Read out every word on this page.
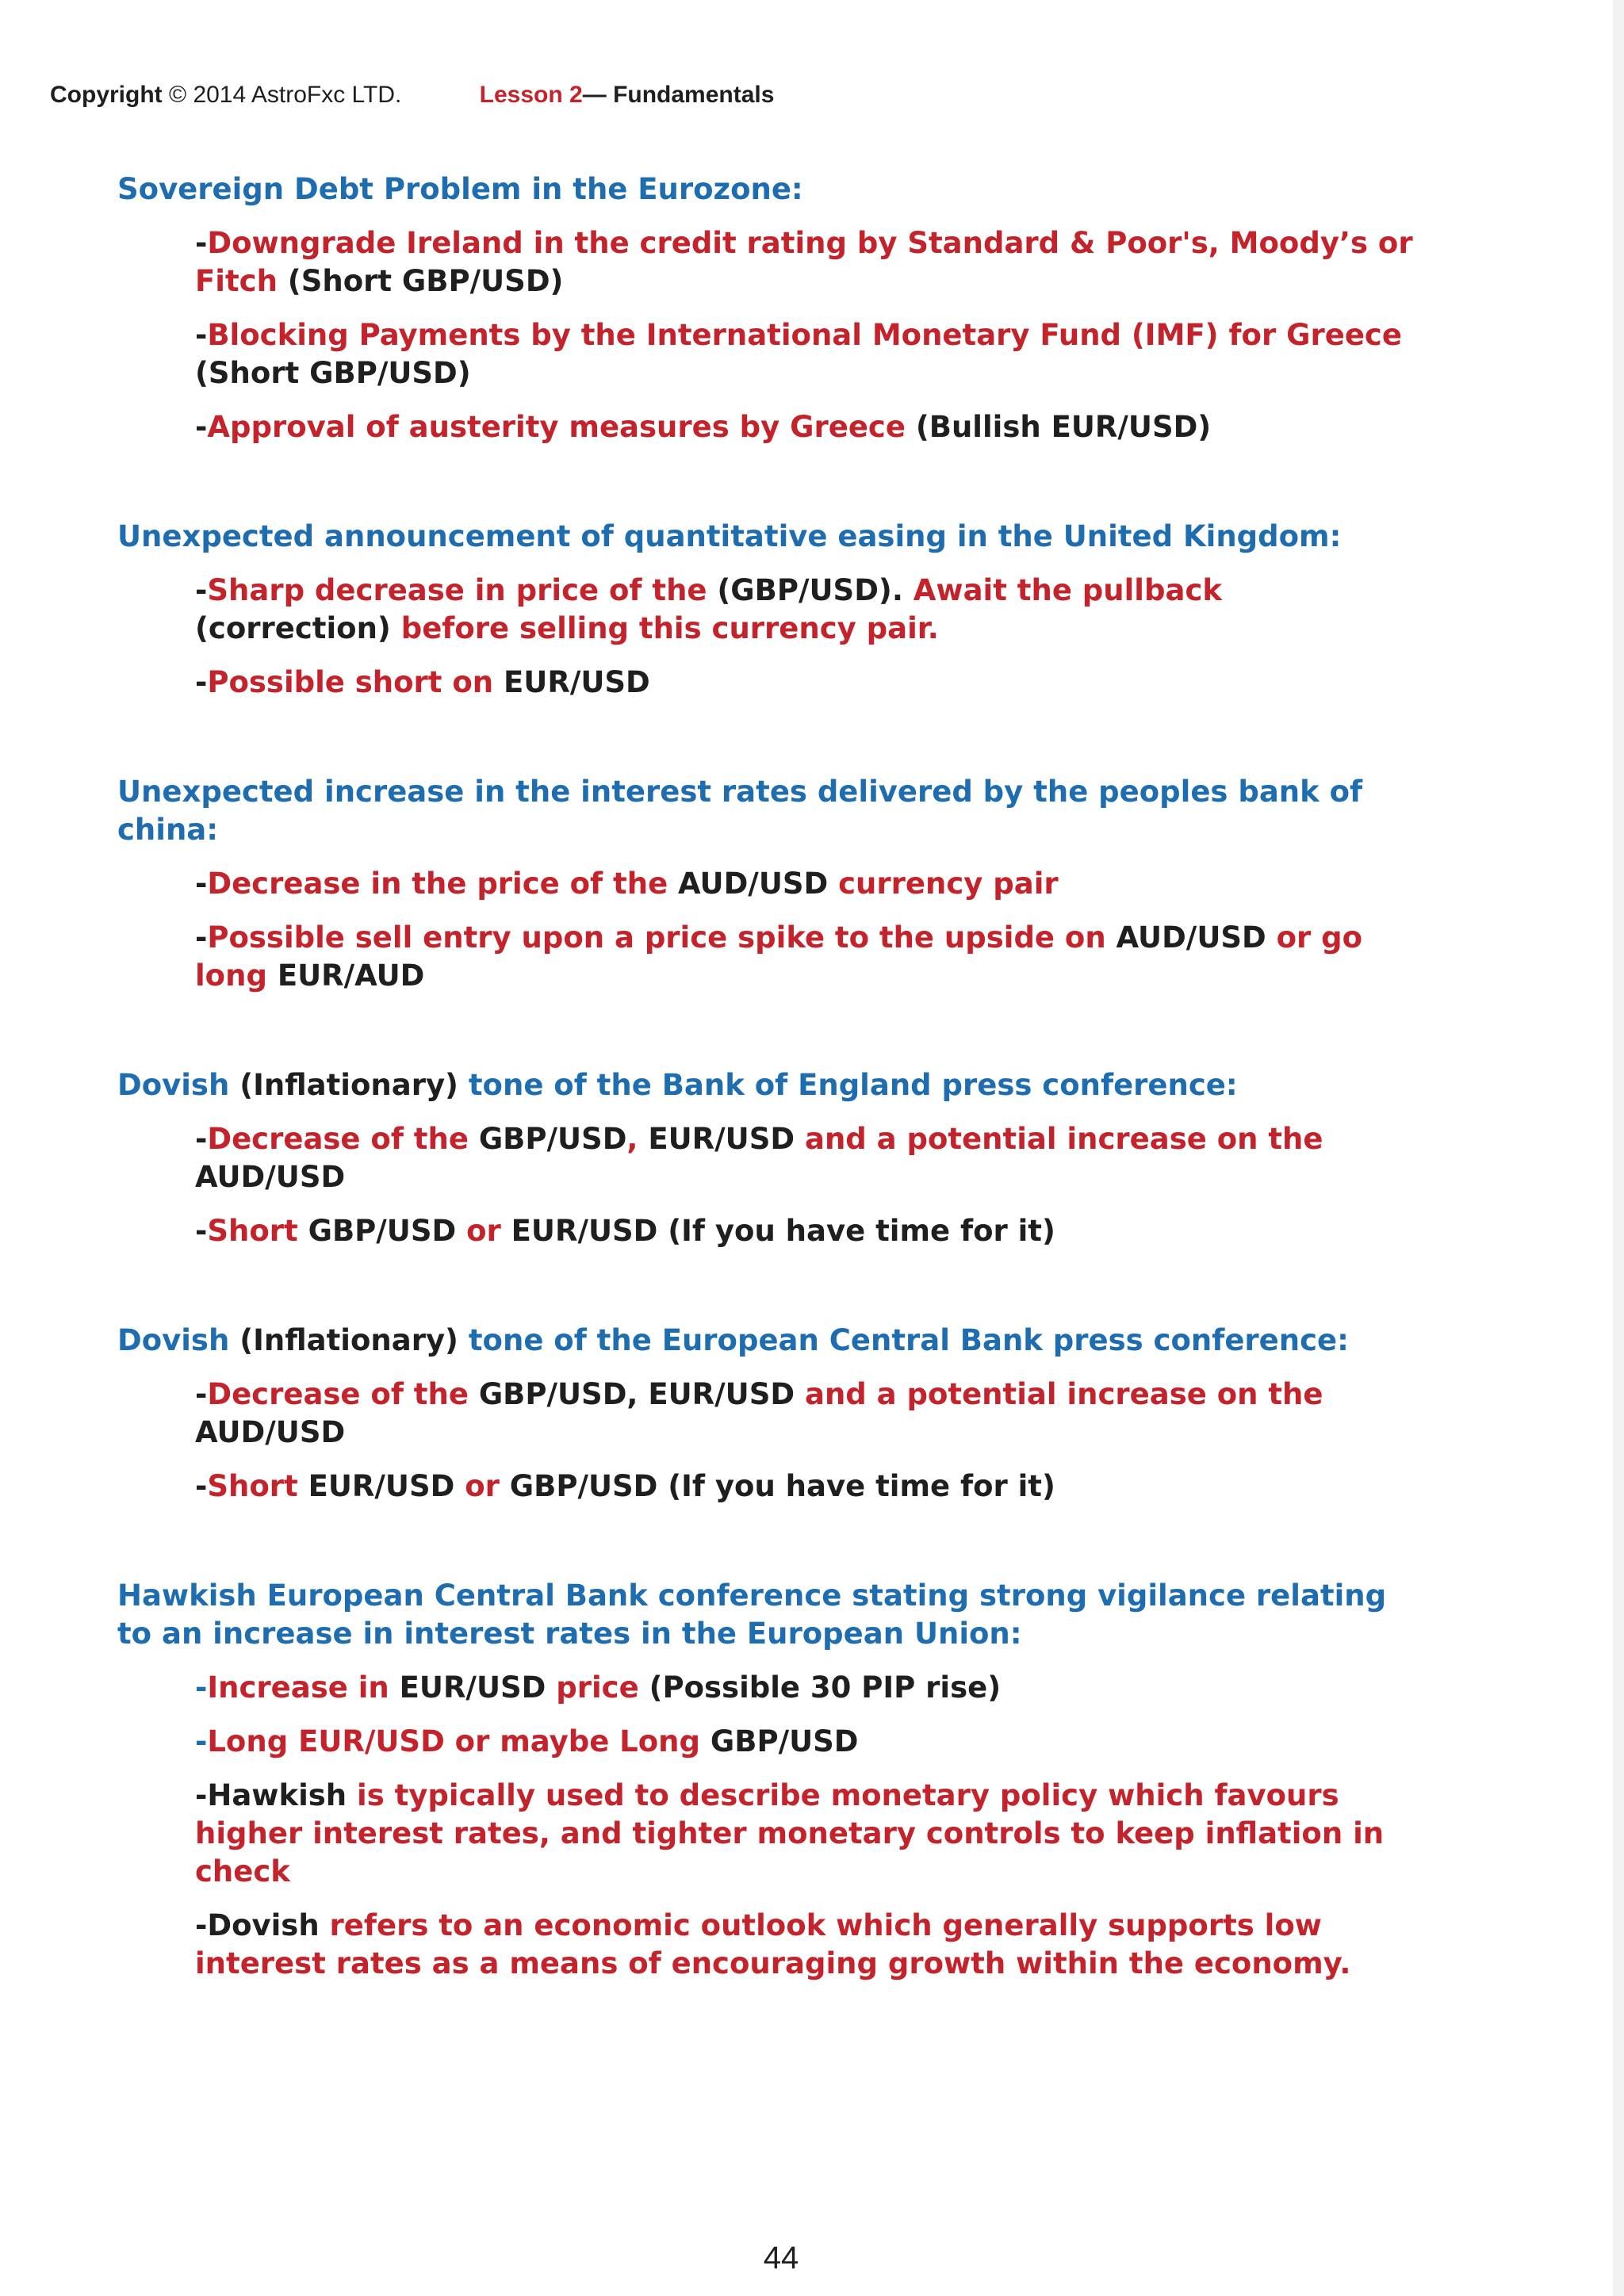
Copyright © 2014 AstroFxc LTD.	Lesson 2— Fundamentals

Sovereign Debt Problem in the Eurozone:

-Downgrade Ireland in the credit rating by Standard & Poor's, Moody’s or Fitch (Short GBP/USD)

-Blocking Payments by the International Monetary Fund (IMF) for Greece (Short GBP/USD)

-Approval of austerity measures by Greece (Bullish EUR/USD)

Unexpected announcement of quantitative easing in the United Kingdom:

-Sharp decrease in price of the (GBP/USD). Await the pullback (correction) before selling this currency pair.

-Possible short on EUR/USD

Unexpected increase in the interest rates delivered by the peoples bank of china:

-Decrease in the price of the AUD/USD currency pair

-Possible sell entry upon a price spike to the upside on AUD/USD or go long EUR/AUD

Dovish (Inflationary) tone of the Bank of England press conference:

-Decrease of the GBP/USD, EUR/USD and a potential increase on the AUD/USD

-Short GBP/USD or EUR/USD (If you have time for it)

Dovish (Inflationary) tone of the European Central Bank press conference:

-Decrease of the GBP/USD, EUR/USD and a potential increase on the AUD/USD

-Short EUR/USD or GBP/USD (If you have time for it)

Hawkish European Central Bank conference stating strong vigilance relating to an increase in interest rates in the European Union:

-Increase in EUR/USD price (Possible 30 PIP rise)

-Long EUR/USD or maybe Long GBP/USD

-Hawkish is typically used to describe monetary policy which favours higher interest rates, and tighter monetary controls to keep inflation in check

-Dovish refers to an economic outlook which generally supports low interest rates as a means of encouraging growth within the economy.

44
